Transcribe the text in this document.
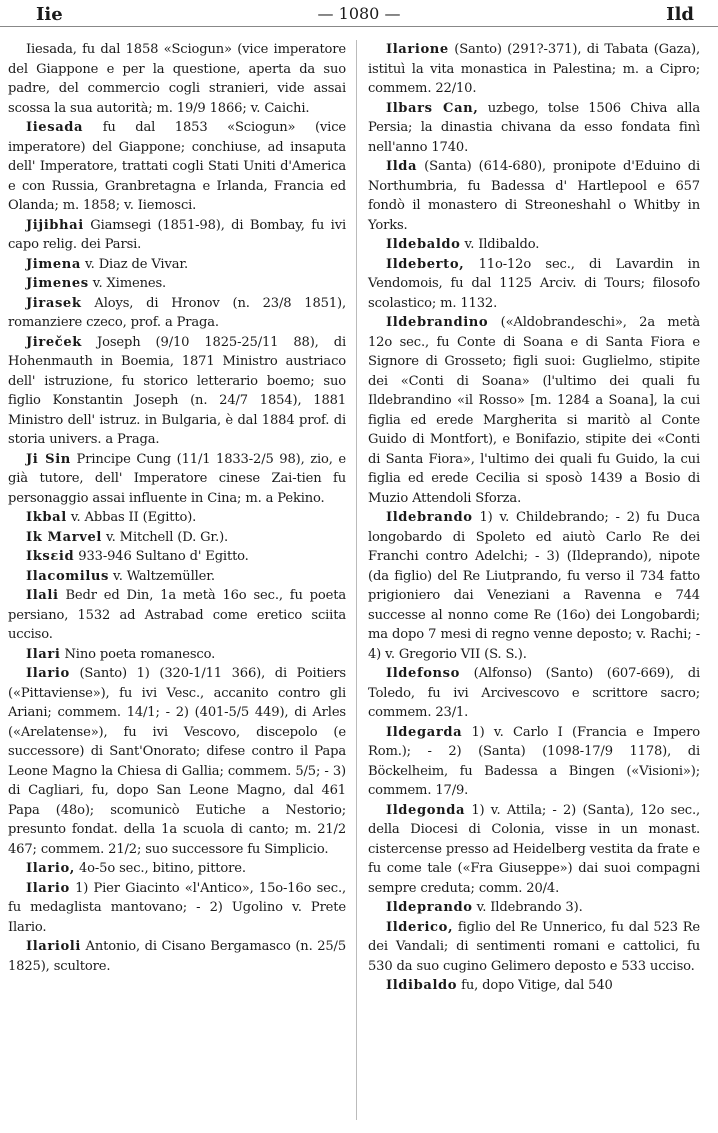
Iie	— 1080 —	Ild

Iiesada, fu dal 1858 «Sciogun» (vice imperatore del Giappone e per la questione, aperta da suo padre, del commercio cogli stranieri, vide assai scossa la sua autorità; m. 19/9 1866; v. Caichi.

Iiesada fu dal 1853 «Sciogun» (vice imperatore) del Giappone; conchiuse, ad insaputa dell' Imperatore, trattati cogli Stati Uniti d'America e con Russia, Granbretagna e Irlanda, Francia ed Olanda; m. 1858; v. Iiemosci.

Jijibhai Giamsegi (1851-98), di Bombay, fu ivi capo relig. dei Parsi.

Jimena v. Diaz de Vivar.

Jimenes v. Ximenes.

Jirasek Aloys, di Hronov (n. 23/8 1851), romanziere czeco, prof. a Praga.

Jireček Joseph (9/10 1825-25/11 88), di Hohenmauth in Boemia, 1871 Ministro austriaco dell' istruzione, fu storico letterario boemo; suo figlio Konstantin Joseph (n. 24/7 1854), 1881 Ministro dell' istruz. in Bulgaria, è dal 1884 prof. di storia univers. a Praga.

Ji Sin Principe Cung (11/1 1833-2/5 98), zio, e già tutore, dell' Imperatore cinese Zai-tien fu personaggio assai influente in Cina; m. a Pekino.

Ikbal v. Abbas II (Egitto).

Ik Marvel v. Mitchell (D. Gr.).

Iksεid 933-946 Sultano d' Egitto.

Ilacomilus v. Waltzemüller.

Ilali Bedr ed Din, 1a metà 16o sec., fu poeta persiano, 1532 ad Astrabad come eretico sciita ucciso.

Ilari Nino poeta romanesco.

Ilario (Santo) 1) (320-1/11 366), di Poitiers («Pittaviense»), fu ivi Vesc., accanito contro gli Ariani; commem. 14/1; - 2) (401-5/5 449), di Arles («Arelatense»), fu ivi Vescovo, discepolo (e successore) di Sant'Onorato; difese contro il Papa Leone Magno la Chiesa di Gallia; commem. 5/5; - 3) di Cagliari, fu, dopo San Leone Magno, dal 461 Papa (48o); scomunicò Eutiche a Nestorio; presunto fondat. della 1a scuola di canto; m. 21/2 467; commem. 21/2; suo successore fu Simplicio.

Ilario, 4o-5o sec., bitino, pittore.

Ilario 1) Pier Giacinto «l'Antico», 15o-16o sec., fu medaglista mantovano; - 2) Ugolino v. Prete Ilario.

Ilarioli Antonio, di Cisano Bergamasco (n. 25/5 1825), scultore.

Ilarione (Santo) (291?-371), di Tabata (Gaza), istituì la vita monastica in Palestina; m. a Cipro; commem. 22/10.

Ilbars Can, uzbego, tolse 1506 Chiva alla Persia; la dinastia chivana da esso fondata finì nell'anno 1740.

Ilda (Santa) (614-680), pronipote d'Eduino di Northumbria, fu Badessa d' Hartlepool e 657 fondò il monastero di Streoneshahl o Whitby in Yorks.

Ildebaldo v. Ildibaldo.

Ildeberto, 11o-12o sec., di Lavardin in Vendomois, fu dal 1125 Arciv. di Tours; filosofo scolastico; m. 1132.

Ildebrandino («Aldobrandeschi», 2a metà 12o sec., fu Conte di Soana e di Santa Fiora e Signore di Grosseto; figli suoi: Guglielmo, stipite dei «Conti di Soana» (l'ultimo dei quali fu Ildebrandino «il Rosso» [m. 1284 a Soana], la cui figlia ed erede Margherita si maritò al Conte Guido di Montfort), e Bonifazio, stipite dei «Conti di Santa Fiora», l'ultimo dei quali fu Guido, la cui figlia ed erede Cecilia si sposò 1439 a Bosio di Muzio Attendoli Sforza.

Ildebrando 1) v. Childebrando; - 2) fu Duca longobardo di Spoleto ed aiutò Carlo Re dei Franchi contro Adelchi; - 3) (Ildeprando), nipote (da figlio) del Re Liutprando, fu verso il 734 fatto prigioniero dai Veneziani a Ravenna e 744 successe al nonno come Re (16o) dei Longobardi; ma dopo 7 mesi di regno venne deposto; v. Rachi; - 4) v. Gregorio VII (S. S.).

Ildefonso (Alfonso) (Santo) (607-669), di Toledo, fu ivi Arcivescovo e scrittore sacro; commem. 23/1.

Ildegarda 1) v. Carlo I (Francia e Impero Rom.); - 2) (Santa) (1098-17/9 1178), di Böckelheim, fu Badessa a Bingen («Visioni»); commem. 17/9.

Ildegonda 1) v. Attila; - 2) (Santa), 12o sec., della Diocesi di Colonia, visse in un monast. cistercense presso ad Heidelberg vestita da frate e fu come tale («Fra Giuseppe») dai suoi compagni sempre creduta; comm. 20/4.

Ildeprando v. Ildebrando 3).

Ilderico, figlio del Re Unnerico, fu dal 523 Re dei Vandali; di sentimenti romani e cattolici, fu 530 da suo cugino Gelimero deposto e 533 ucciso.

Ildibaldo fu, dopo Vitige, dal 540
